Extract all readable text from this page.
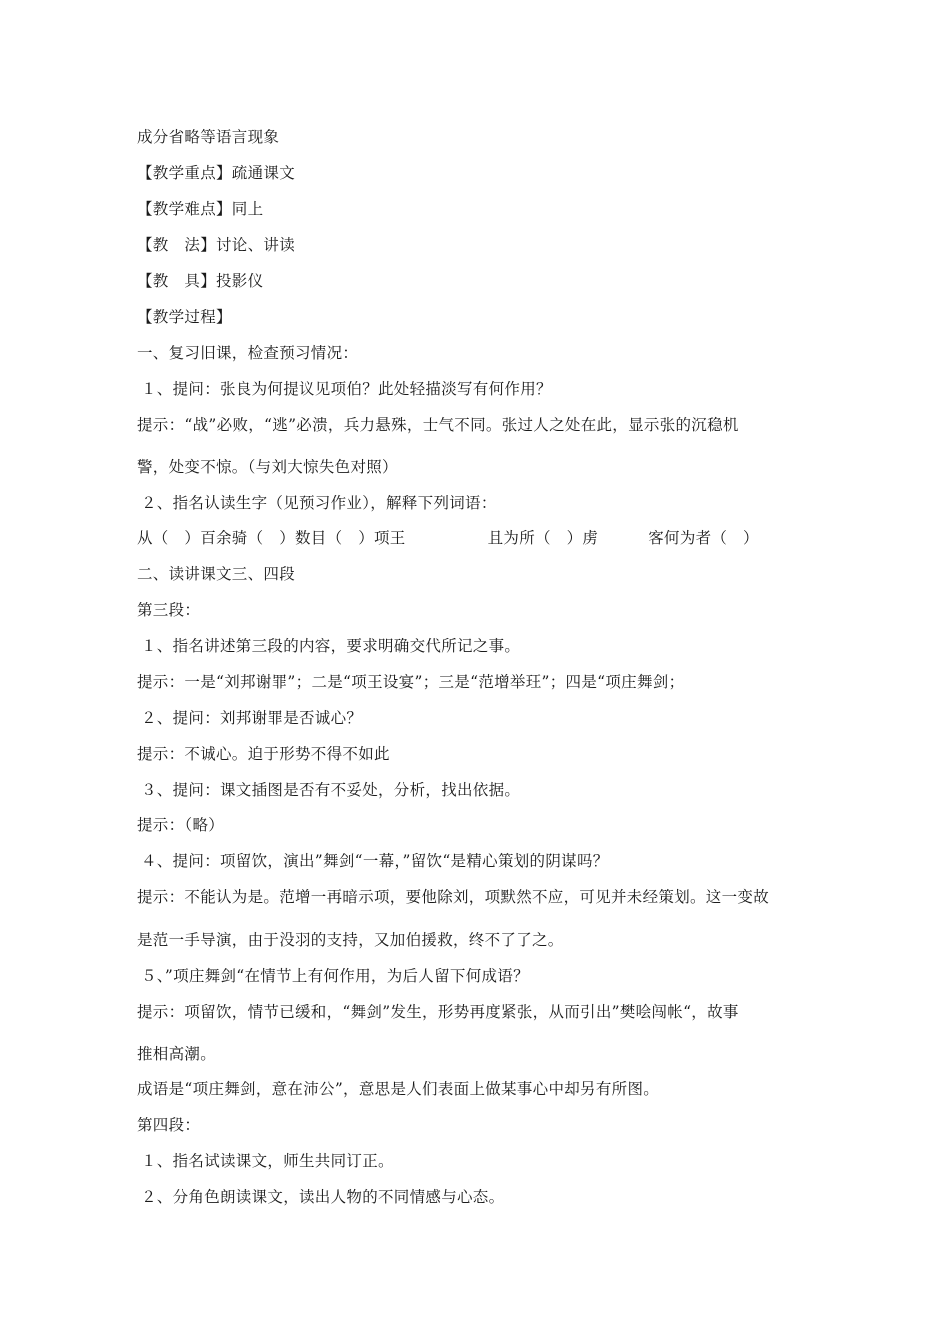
成分省略等语言现象
【教学重点】疏通课文
【教学难点】同上
【教　法】讨论、讲读
【教　具】投影仪
【教学过程】
一、复习旧课，检查预习情况：
１、提问：张良为何提议见项伯？此处轻描淡写有何作用？
提示：“战”必败，“逃”必溃，兵力悬殊，士气不同。张过人之处在此，显示张的沉稳机
警，处变不惊。（与刘大惊失色对照）
２、指名认读生字（见预习作业），解释下列词语：
从（　）百余骑（　）数目（　）项王	且为所（　）虏	客何为者（　）
二、读讲课文三、四段
第三段：
１、指名讲述第三段的内容，要求明确交代所记之事。
提示：一是“刘邦谢罪”；二是“项王设宴”；三是“范增举玨”；四是“项庄舞剑；
２、提问：刘邦谢罪是否诚心？
提示：不诚心。迫于形势不得不如此
３、提问：课文插图是否有不妥处，分析，找出依据。
提示：（略）
４、提问：项留饮，演出”舞剑“一幕，”留饮“是精心策划的阴谋吗？
提示：不能认为是。范增一再暗示项，要他除刘，项默然不应，可见并未经策划。这一变故
是范一手导演，由于没羽的支持，又加伯援救，终不了了之。
５、”项庄舞剑“在情节上有何作用，为后人留下何成语？
提示：项留饮，情节已缓和，“舞剑”发生，形势再度紧张，从而引出”樊哙闯帐“，故事
推相高潮。
成语是“项庄舞剑，意在沛公”，意思是人们表面上做某事心中却另有所图。
第四段：
１、指名试读课文，师生共同订正。
２、分角色朗读课文，读出人物的不同情感与心态。
